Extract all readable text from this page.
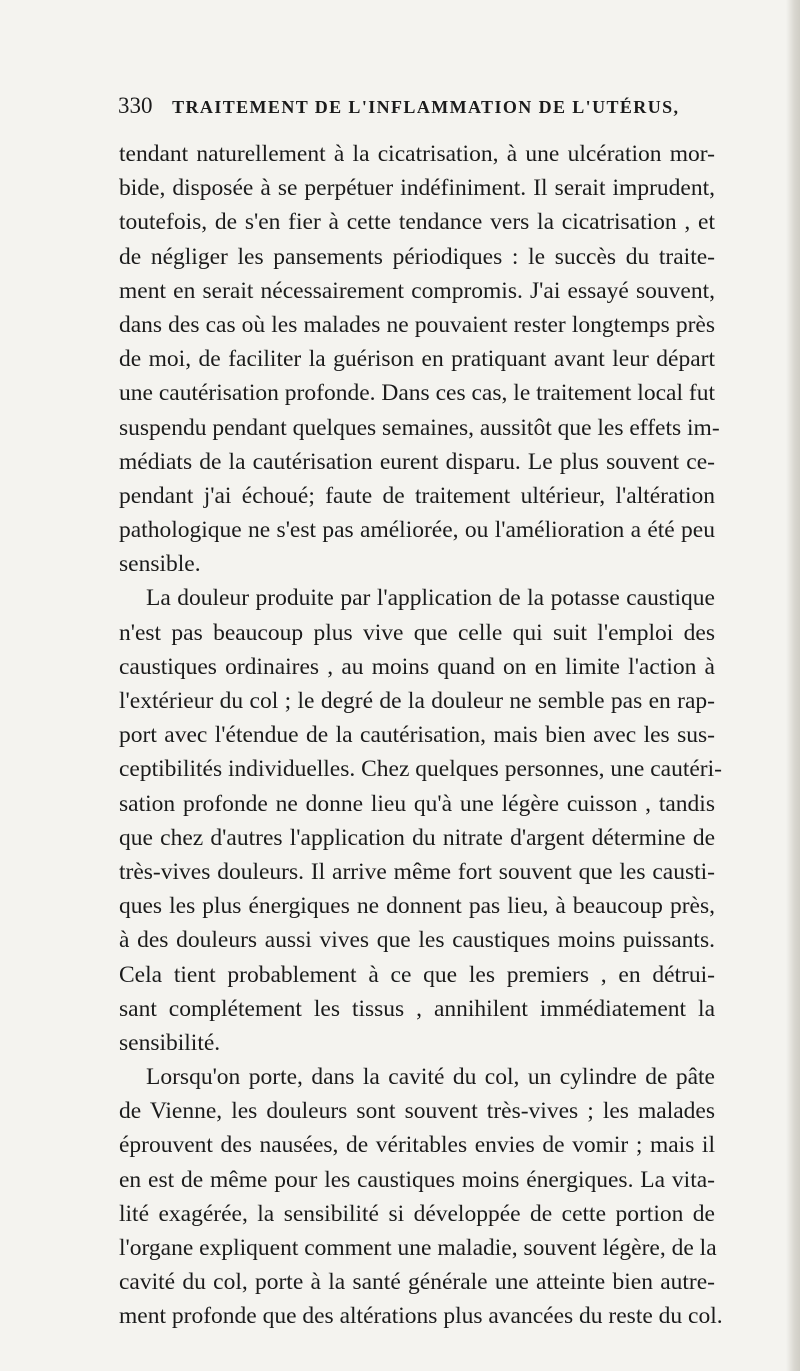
330 TRAITEMENT DE L'INFLAMMATION DE L'UTÉRUS,
tendant naturellement à la cicatrisation, à une ulcération mor-
bide, disposée à se perpétuer indéfiniment. Il serait imprudent,
toutefois, de s'en fier à cette tendance vers la cicatrisation , et
de négliger les pansements périodiques : le succès du traite-
ment en serait nécessairement compromis. J'ai essayé souvent,
dans des cas où les malades ne pouvaient rester longtemps près
de moi, de faciliter la guérison en pratiquant avant leur départ
une cautérisation profonde. Dans ces cas, le traitement local fut
suspendu pendant quelques semaines, aussitôt que les effets im-
médiats de la cautérisation eurent disparu. Le plus souvent ce-
pendant j'ai échoué; faute de traitement ultérieur, l'altération
pathologique ne s'est pas améliorée, ou l'amélioration a été peu
sensible.
La douleur produite par l'application de la potasse caustique
n'est pas beaucoup plus vive que celle qui suit l'emploi des
caustiques ordinaires , au moins quand on en limite l'action à
l'extérieur du col ; le degré de la douleur ne semble pas en rap-
port avec l'étendue de la cautérisation, mais bien avec les sus-
ceptibilités individuelles. Chez quelques personnes, une cautéri-
sation profonde ne donne lieu qu'à une légère cuisson , tandis
que chez d'autres l'application du nitrate d'argent détermine de
très-vives douleurs. Il arrive même fort souvent que les causti-
ques les plus énergiques ne donnent pas lieu, à beaucoup près,
à des douleurs aussi vives que les caustiques moins puissants.
Cela tient probablement à ce que les premiers , en détrui-
sant complétement les tissus , annihilent immédiatement la
sensibilité.
Lorsqu'on porte, dans la cavité du col, un cylindre de pâte
de Vienne, les douleurs sont souvent très-vives ; les malades
éprouvent des nausées, de véritables envies de vomir ; mais il
en est de même pour les caustiques moins énergiques. La vita-
lité exagérée, la sensibilité si développée de cette portion de
l'organe expliquent comment une maladie, souvent légère, de la
cavité du col, porte à la santé générale une atteinte bien autre-
ment profonde que des altérations plus avancées du reste du col.
